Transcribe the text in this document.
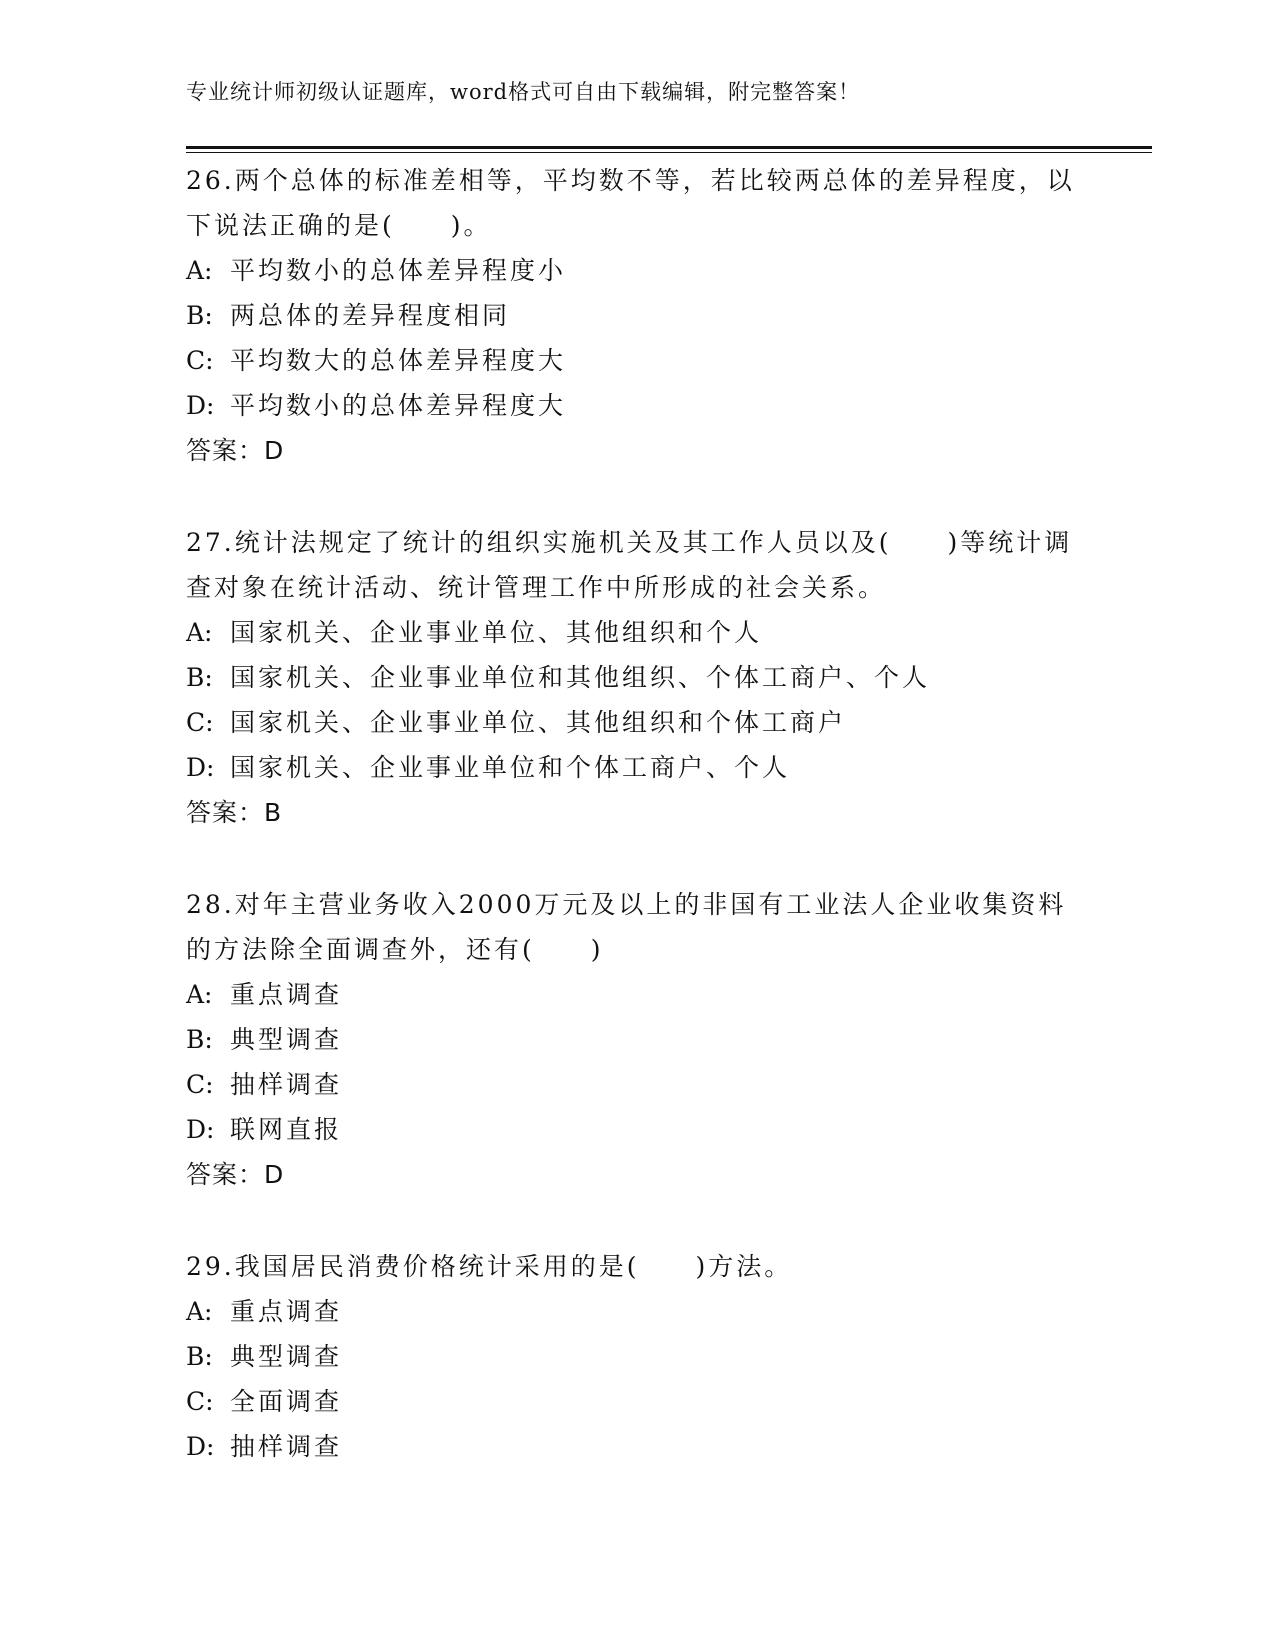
专业统计师初级认证题库，word格式可自由下载编辑，附完整答案！
26.两个总体的标准差相等，平均数不等，若比较两总体的差异程度，以下说法正确的是(　　)。
A: 平均数小的总体差异程度小
B: 两总体的差异程度相同
C: 平均数大的总体差异程度大
D: 平均数小的总体差异程度大
答案：D
27.统计法规定了统计的组织实施机关及其工作人员以及(　　)等统计调查对象在统计活动、统计管理工作中所形成的社会关系。
A: 国家机关、企业事业单位、其他组织和个人
B: 国家机关、企业事业单位和其他组织、个体工商户、个人
C: 国家机关、企业事业单位、其他组织和个体工商户
D: 国家机关、企业事业单位和个体工商户、个人
答案：B
28.对年主营业务收入2000万元及以上的非国有工业法人企业收集资料的方法除全面调查外，还有(　　)
A: 重点调查
B: 典型调查
C: 抽样调查
D: 联网直报
答案：D
29.我国居民消费价格统计采用的是(　　)方法。
A: 重点调查
B: 典型调查
C: 全面调查
D: 抽样调查
